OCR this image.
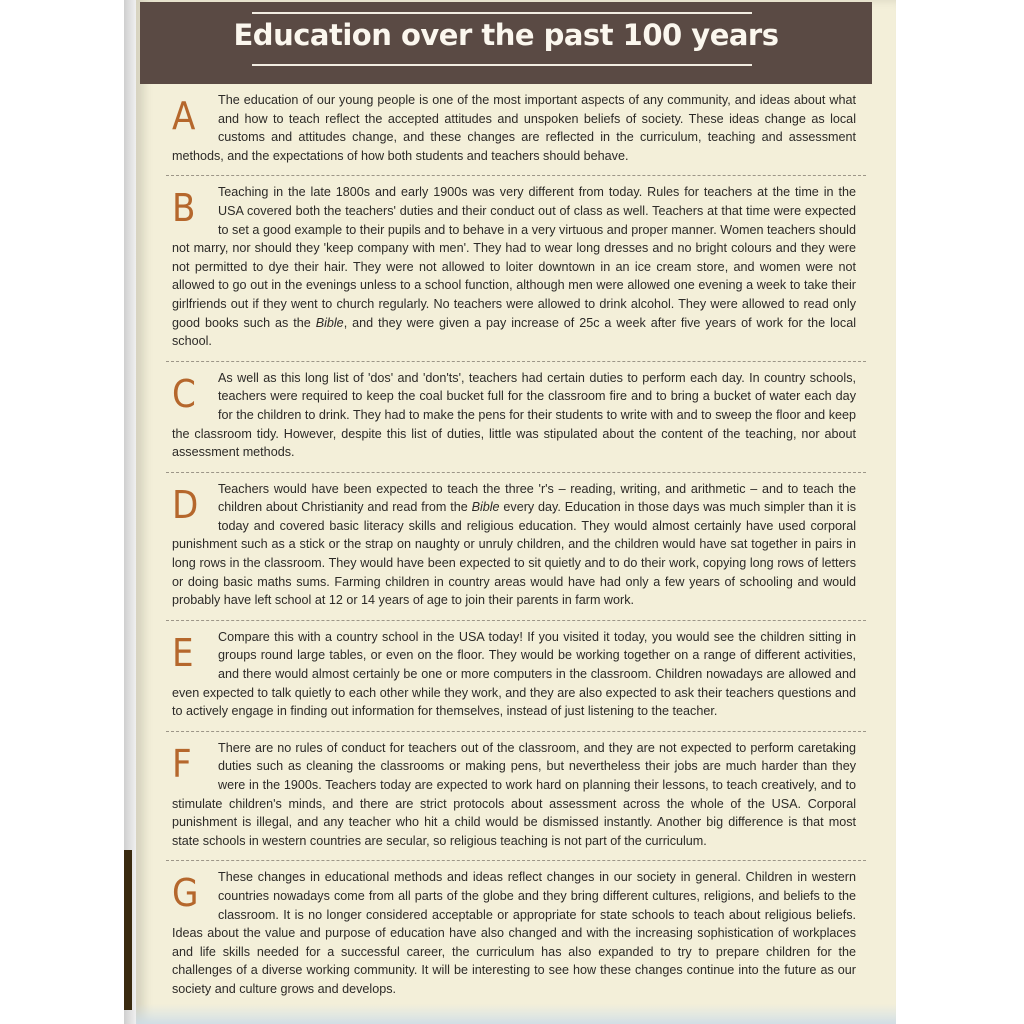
Education over the past 100 years
A	The education of our young people is one of the most important aspects of any community, and ideas about what and how to teach reflect the accepted attitudes and unspoken beliefs of society. These ideas change as local customs and attitudes change, and these changes are reflected in the curriculum, teaching and assessment methods, and the expectations of how both students and teachers should behave.

B	Teaching in the late 1800s and early 1900s was very different from today. Rules for teachers at the time in the USA covered both the teachers' duties and their conduct out of class as well. Teachers at that time were expected to set a good example to their pupils and to behave in a very virtuous and proper manner. Women teachers should not marry, nor should they 'keep company with men'. They had to wear long dresses and no bright colours and they were not permitted to dye their hair. They were not allowed to loiter downtown in an ice cream store, and women were not allowed to go out in the evenings unless to a school function, although men were allowed one evening a week to take their girlfriends out if they went to church regularly. No teachers were allowed to drink alcohol. They were allowed to read only good books such as the Bible, and they were given a pay increase of 25c a week after five years of work for the local school.

C	As well as this long list of 'dos' and 'don'ts', teachers had certain duties to perform each day. In country schools, teachers were required to keep the coal bucket full for the classroom fire and to bring a bucket of water each day for the children to drink. They had to make the pens for their students to write with and to sweep the floor and keep the classroom tidy. However, despite this list of duties, little was stipulated about the content of the teaching, nor about assessment methods.

D	Teachers would have been expected to teach the three 'r's – reading, writing, and arithmetic – and to teach the children about Christianity and read from the Bible every day. Education in those days was much simpler than it is today and covered basic literacy skills and religious education. They would almost certainly have used corporal punishment such as a stick or the strap on naughty or unruly children, and the children would have sat together in pairs in long rows in the classroom. They would have been expected to sit quietly and to do their work, copying long rows of letters or doing basic maths sums. Farming children in country areas would have had only a few years of schooling and would probably have left school at 12 or 14 years of age to join their parents in farm work.

E	Compare this with a country school in the USA today! If you visited it today, you would see the children sitting in groups round large tables, or even on the floor. They would be working together on a range of different activities, and there would almost certainly be one or more computers in the classroom. Children nowadays are allowed and even expected to talk quietly to each other while they work, and they are also expected to ask their teachers questions and to actively engage in finding out information for themselves, instead of just listening to the teacher.

F	There are no rules of conduct for teachers out of the classroom, and they are not expected to perform caretaking duties such as cleaning the classrooms or making pens, but nevertheless their jobs are much harder than they were in the 1900s. Teachers today are expected to work hard on planning their lessons, to teach creatively, and to stimulate children's minds, and there are strict protocols about assessment across the whole of the USA. Corporal punishment is illegal, and any teacher who hit a child would be dismissed instantly. Another big difference is that most state schools in western countries are secular, so religious teaching is not part of the curriculum.

G	These changes in educational methods and ideas reflect changes in our society in general. Children in western countries nowadays come from all parts of the globe and they bring different cultures, religions, and beliefs to the classroom. It is no longer considered acceptable or appropriate for state schools to teach about religious beliefs. Ideas about the value and purpose of education have also changed and with the increasing sophistication of workplaces and life skills needed for a successful career, the curriculum has also expanded to try to prepare children for the challenges of a diverse working community. It will be interesting to see how these changes continue into the future as our society and culture grows and develops.
